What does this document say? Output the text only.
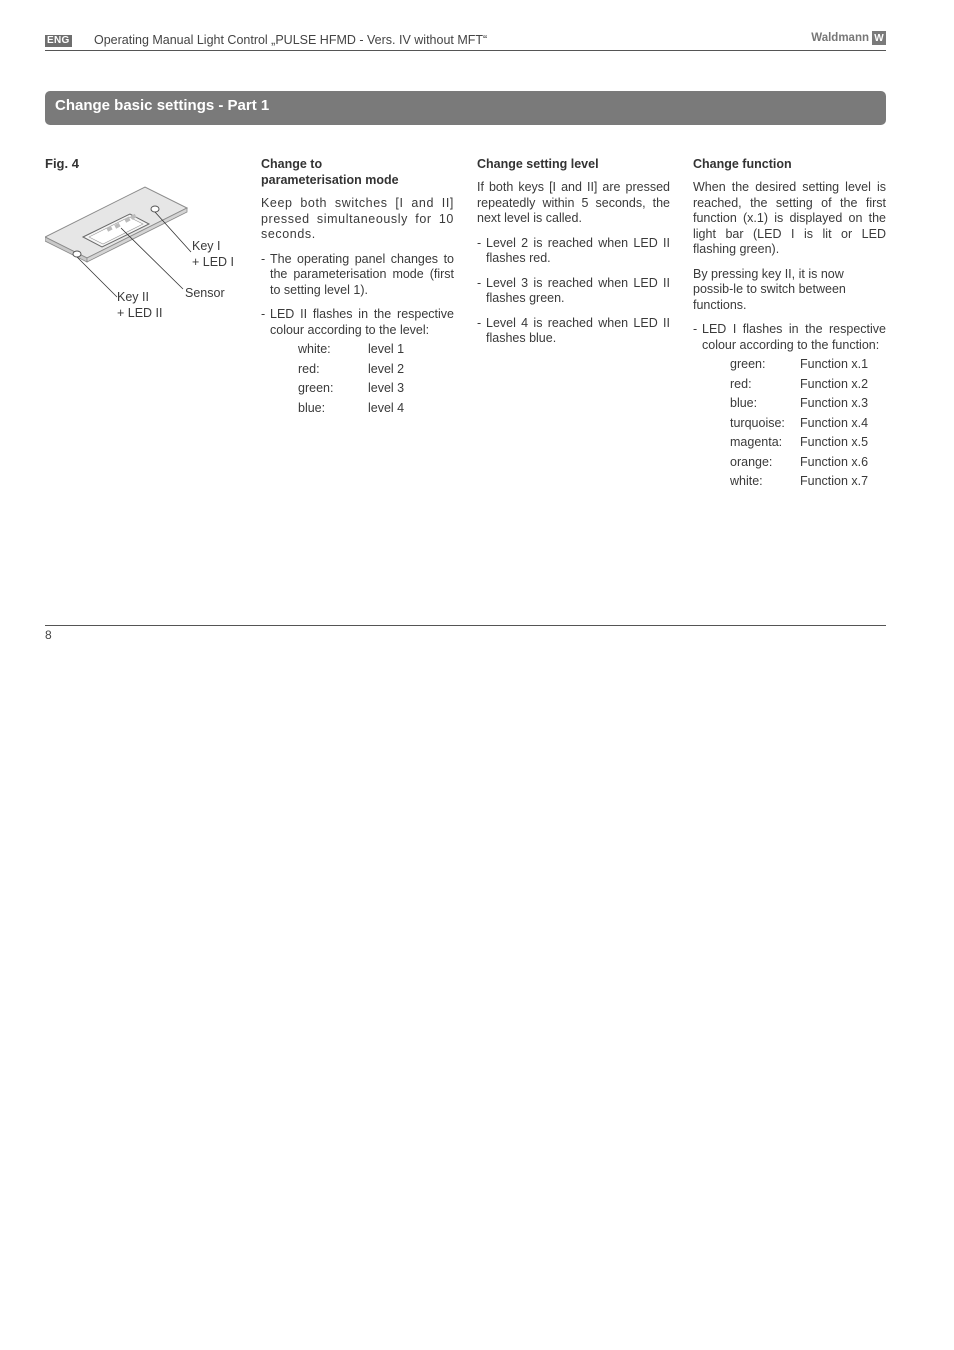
ENG Operating Manual Light Control „PULSE HFMD - Vers. IV without MFT“	Waldmann W
Change basic settings - Part 1
Fig. 4
Key I
+ LED I
Sensor
Key II
+ LED II
Change to
parameterisation mode

Keep both switches [I and II] pressed simultaneously for 10 seconds.

- The operating panel changes to the parameterisation mode (first to setting level 1).
- LED II flashes in the respective colour according to the level:
white:	level 1
red:	level 2
green:	level 3
blue:	level 4
Change setting level

If both keys [I and II] are pressed repeatedly within 5 seconds, the next level is called.

- Level 2 is reached when LED II flashes red.
- Level 3 is reached when LED II flashes green.
- Level 4 is reached when LED II flashes blue.
Change function

When the desired setting level is reached, the setting of the first function (x.1) is displayed on the light bar (LED I is lit or LED flashing green).

By pressing key II, it is now possib-le to switch between functions.

- LED I flashes in the respective colour according to the function:
green:	Function x.1
red:	Function x.2
blue:	Function x.3
turquoise:	Function x.4
magenta:	Function x.5
orange:	Function x.6
white:	Function x.7
8
